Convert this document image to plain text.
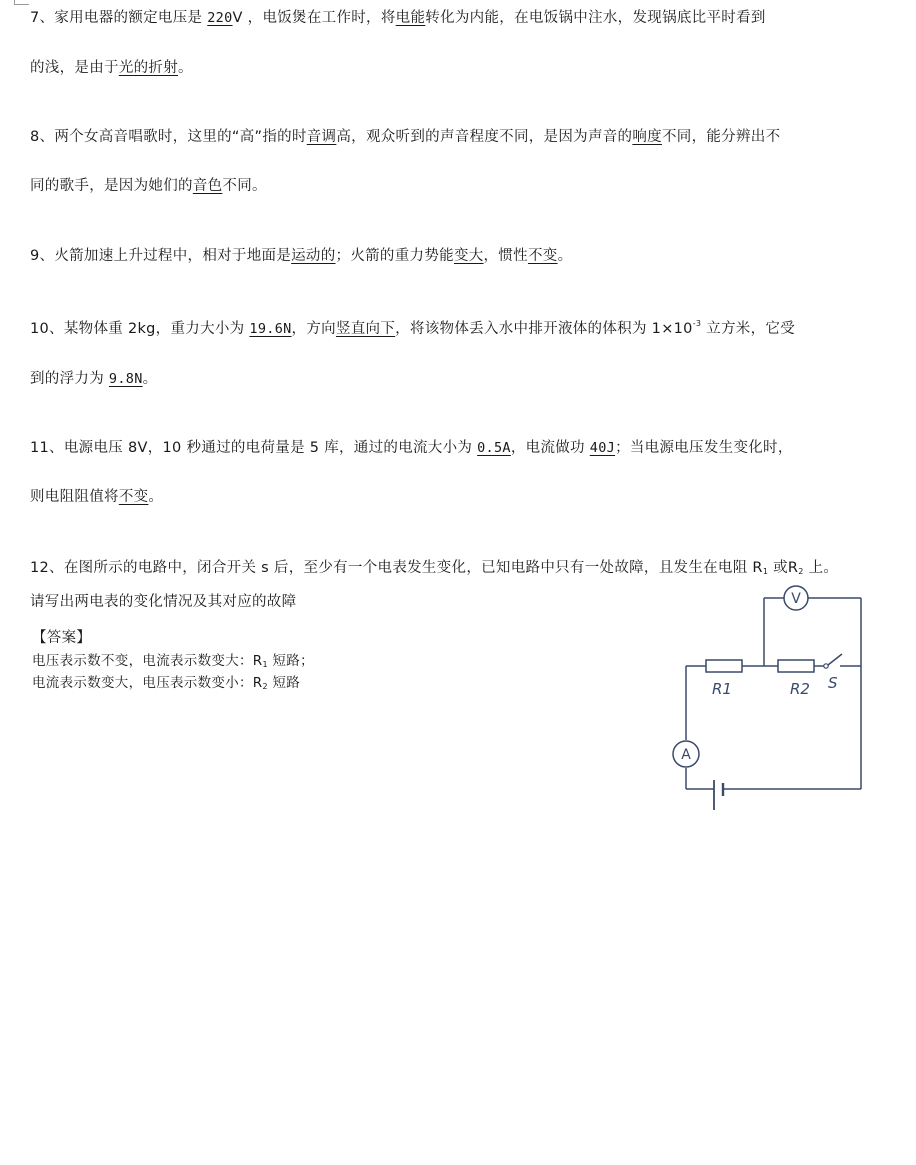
7、家用电器的额定电压是 220V ，电饭煲在工作时，将电能转化为内能，在电饭锅中注水，发现锅底比平时看到
的浅，是由于光的折射。
8、两个女高音唱歌时，这里的“高”指的时音调高，观众听到的声音程度不同，是因为声音的响度不同，能分辨出不
同的歌手，是因为她们的音色不同。
9、火箭加速上升过程中，相对于地面是运动的；火箭的重力势能变大，惯性不变。
10、某物体重 2kg，重力大小为 19.6N，方向竖直向下，将该物体丢入水中排开液体的体积为 $1\times 10^{-3}$ 立方米，它受
到的浮力为 9.8N。
11、电源电压 8V，10 秒通过的电荷量是 5 库，通过的电流大小为 0.5A，电流做功 40J；当电源电压发生变化时，
则电阻阻值将不变。
12、在图所示的电路中，闭合开关 s 后，至少有一个电表发生变化，已知电路中只有一处故障，且发生在电阻 $R_1$ 或$R_2$ 上。
请写出两电表的变化情况及其对应的故障
【答案】
电压表示数不变，电流表示数变大：$R_1$ 短路；
电流表示数变大，电压表示数变小：$R_2$ 短路
V
A
R1	R2 S
